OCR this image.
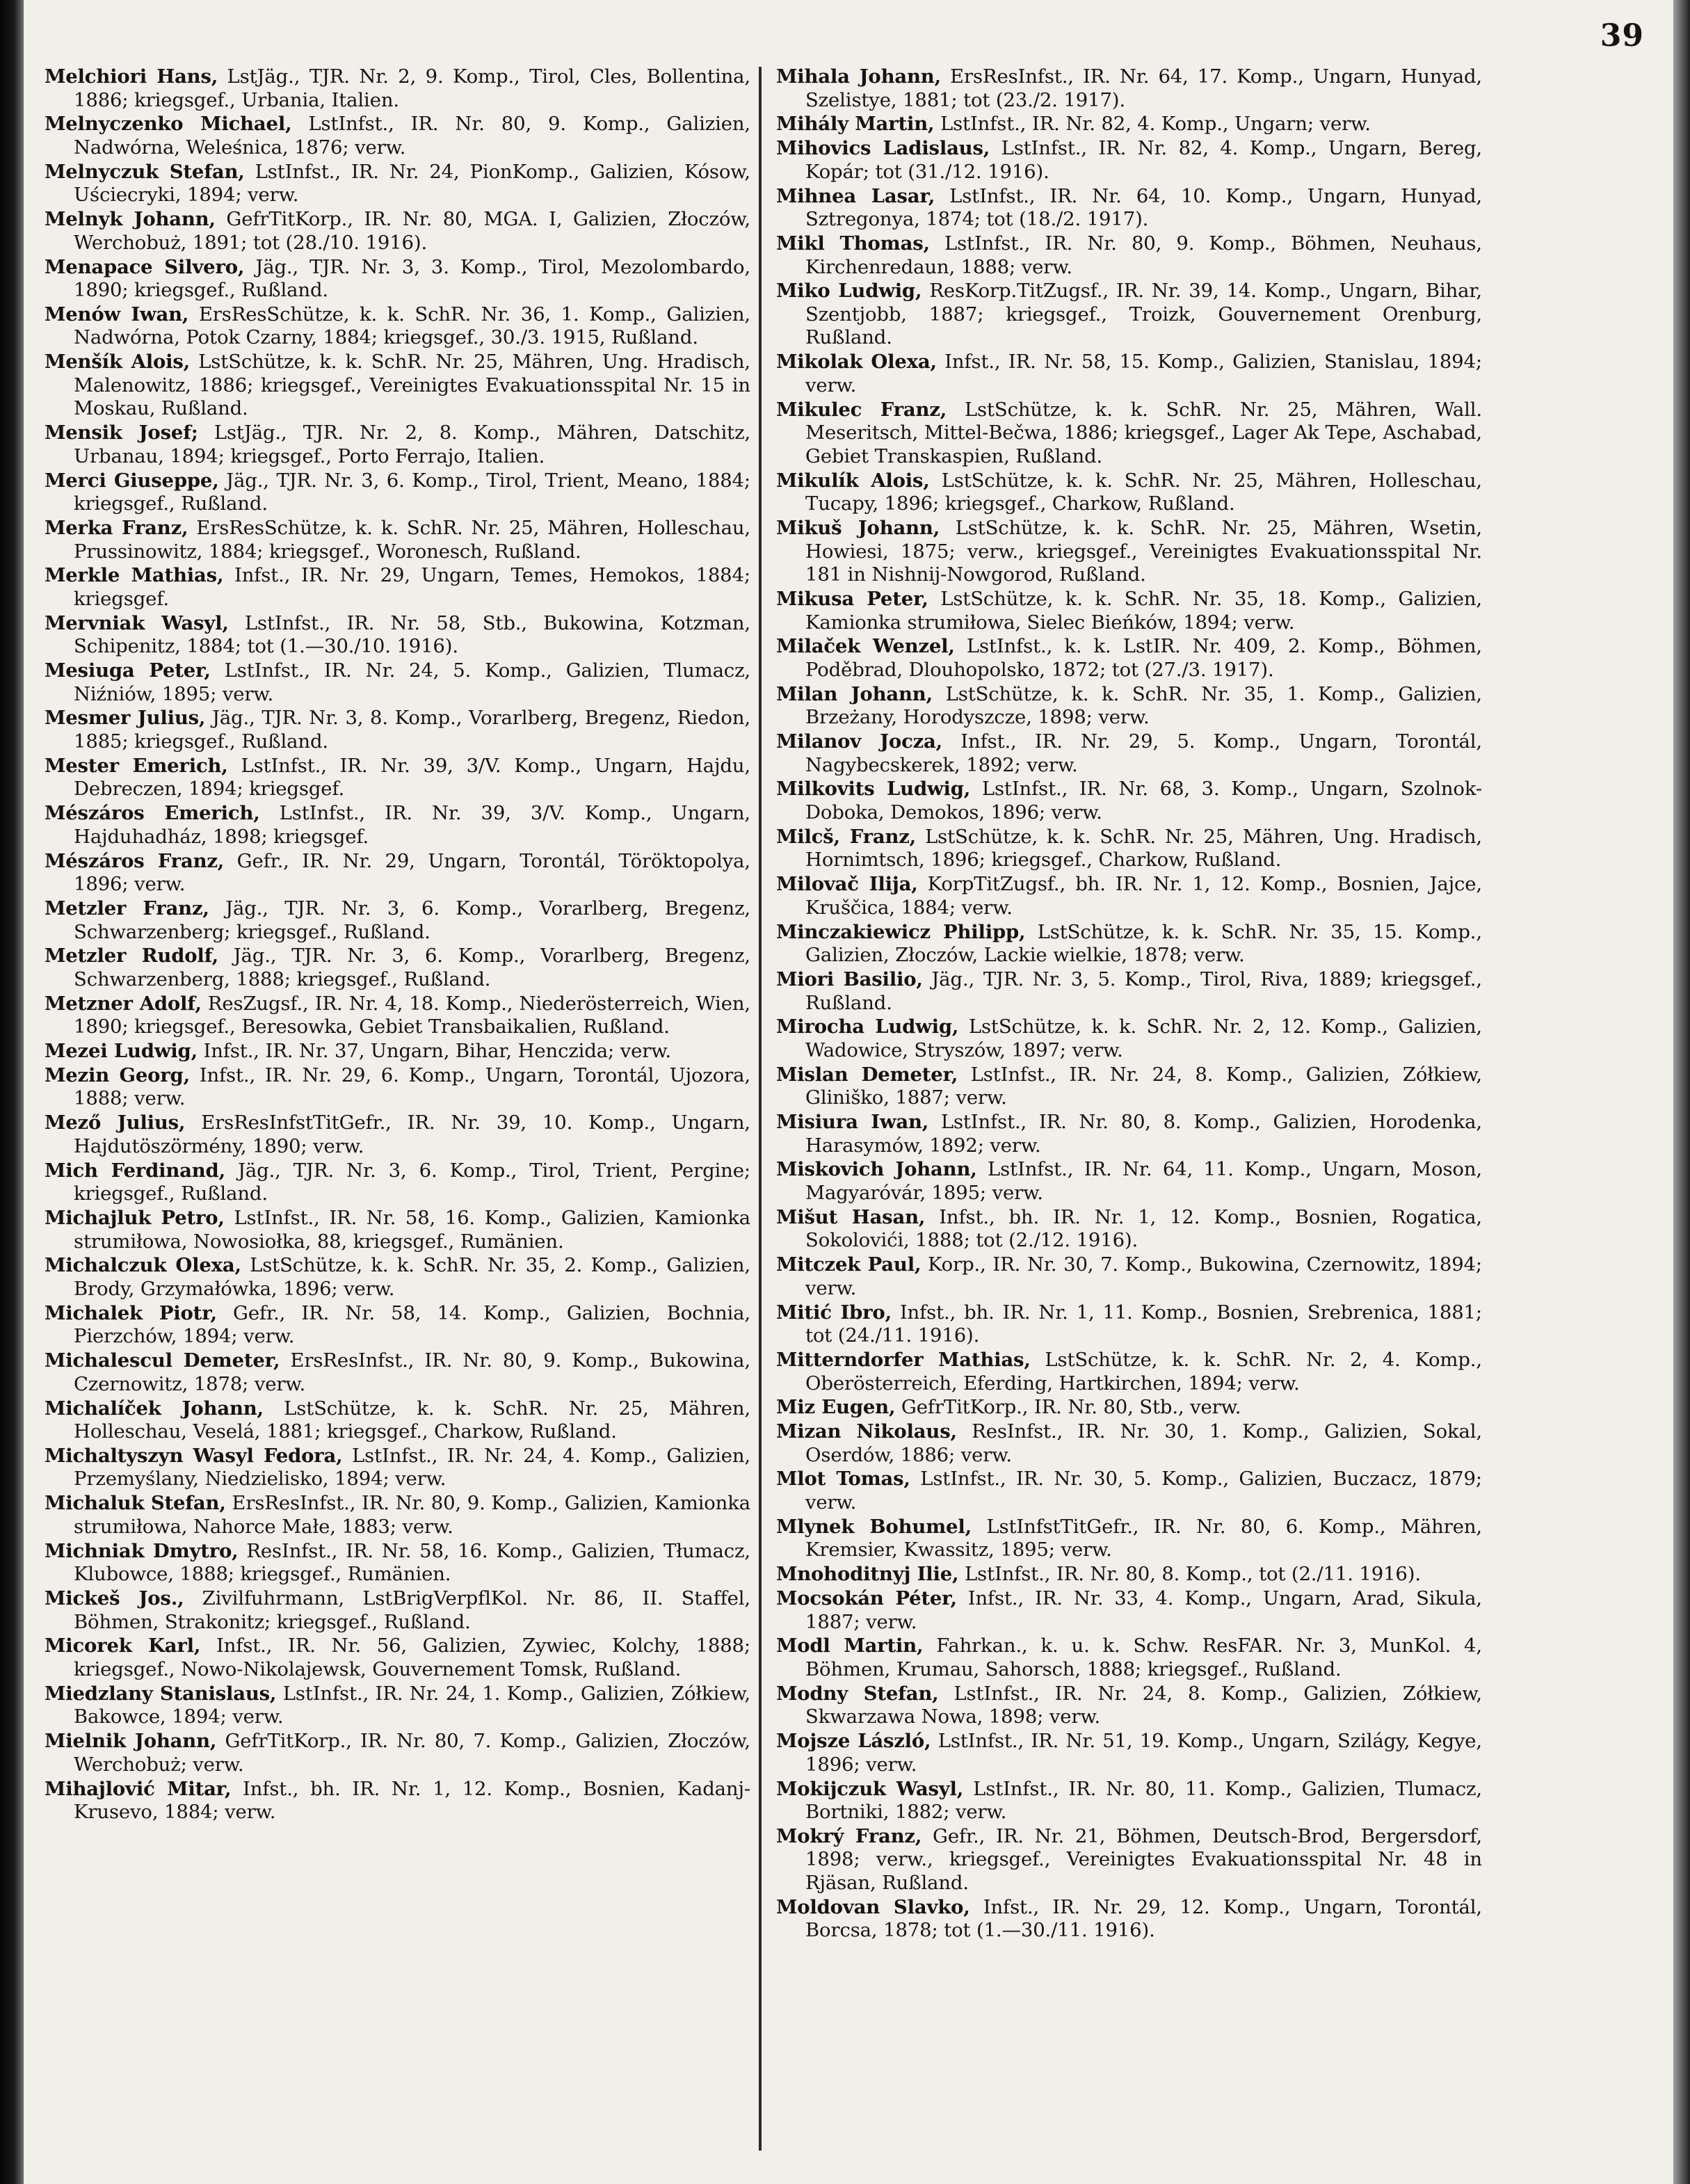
39

Melchiori Hans, LstJäg., TJR. Nr. 2, 9. Komp., Tirol, Cles, Bollentina, 1886; kriegsgef., Urbania, Italien.

Melnyczenko Michael, LstInfst., IR. Nr. 80, 9. Komp., Galizien, Nadwórna, Weleśnica, 1876; verw.

Melnyczuk Stefan, LstInfst., IR. Nr. 24, PionKomp., Galizien, Kósow, Uściecryki, 1894; verw.

Melnyk Johann, GefrTitKorp., IR. Nr. 80, MGA. I, Galizien, Złoczów, Werchobuż, 1891; tot (28./10. 1916).

Menapace Silvero, Jäg., TJR. Nr. 3, 3. Komp., Tirol, Mezolombardo, 1890; kriegsgef., Rußland.

Menów Iwan, ErsResSchütze, k. k. SchR. Nr. 36, 1. Komp., Galizien, Nadwórna, Potok Czarny, 1884; kriegsgef., 30./3. 1915, Rußland.

Menšík Alois, LstSchütze, k. k. SchR. Nr. 25, Mähren, Ung. Hradisch, Malenowitz, 1886; kriegsgef., Vereinigtes Evakuationsspital Nr. 15 in Moskau, Rußland.

Mensik Josef; LstJäg., TJR. Nr. 2, 8. Komp., Mähren, Datschitz, Urbanau, 1894; kriegsgef., Porto Ferrajo, Italien.

Merci Giuseppe, Jäg., TJR. Nr. 3, 6. Komp., Tirol, Trient, Meano, 1884; kriegsgef., Rußland.

Merka Franz, ErsResSchütze, k. k. SchR. Nr. 25, Mähren, Holleschau, Prussinowitz, 1884; kriegsgef., Woronesch, Rußland.

Merkle Mathias, Infst., IR. Nr. 29, Ungarn, Temes, Hemokos, 1884; kriegsgef.

Mervniak Wasyl, LstInfst., IR. Nr. 58, Stb., Bukowina, Kotzman, Schipenitz, 1884; tot (1.—30./10. 1916).

Mesiuga Peter, LstInfst., IR. Nr. 24, 5. Komp., Galizien, Tlumacz, Niźniów, 1895; verw.

Mesmer Julius, Jäg., TJR. Nr. 3, 8. Komp., Vorarlberg, Bregenz, Riedon, 1885; kriegsgef., Rußland.

Mester Emerich, LstInfst., IR. Nr. 39, 3/V. Komp., Ungarn, Hajdu, Debreczen, 1894; kriegsgef.

Mészáros Emerich, LstInfst., IR. Nr. 39, 3/V. Komp., Ungarn, Hajduhadház, 1898; kriegsgef.

Mészáros Franz, Gefr., IR. Nr. 29, Ungarn, Torontál, Töröktopolya, 1896; verw.

Metzler Franz, Jäg., TJR. Nr. 3, 6. Komp., Vorarlberg, Bregenz, Schwarzenberg; kriegsgef., Rußland.

Metzler Rudolf, Jäg., TJR. Nr. 3, 6. Komp., Vorarlberg, Bregenz, Schwarzenberg, 1888; kriegsgef., Rußland.

Metzner Adolf, ResZugsf., IR. Nr. 4, 18. Komp., Niederösterreich, Wien, 1890; kriegsgef., Beresowka, Gebiet Transbaikalien, Rußland.

Mezei Ludwig, Infst., IR. Nr. 37, Ungarn, Bihar, Henczida; verw.

Mezin Georg, Infst., IR. Nr. 29, 6. Komp., Ungarn, Torontál, Ujozora, 1888; verw.

Mező Julius, ErsResInfstTitGefr., IR. Nr. 39, 10. Komp., Ungarn, Hajdutöszörmény, 1890; verw.

Mich Ferdinand, Jäg., TJR. Nr. 3, 6. Komp., Tirol, Trient, Pergine; kriegsgef., Rußland.

Michajluk Petro, LstInfst., IR. Nr. 58, 16. Komp., Galizien, Kamionka strumiłowa, Nowosiołka, 88, kriegsgef., Rumänien.

Michalczuk Olexa, LstSchütze, k. k. SchR. Nr. 35, 2. Komp., Galizien, Brody, Grzymałówka, 1896; verw.

Michalek Piotr, Gefr., IR. Nr. 58, 14. Komp., Galizien, Bochnia, Pierzchów, 1894; verw.

Michalescul Demeter, ErsResInfst., IR. Nr. 80, 9. Komp., Bukowina, Czernowitz, 1878; verw.

Michalíček Johann, LstSchütze, k. k. SchR. Nr. 25, Mähren, Holleschau, Veselá, 1881; kriegsgef., Charkow, Rußland.

Michaltyszyn Wasyl Fedora, LstInfst., IR. Nr. 24, 4. Komp., Galizien, Przemyślany, Niedzielisko, 1894; verw.

Michaluk Stefan, ErsResInfst., IR. Nr. 80, 9. Komp., Galizien, Kamionka strumiłowa, Nahorce Małe, 1883; verw.

Michniak Dmytro, ResInfst., IR. Nr. 58, 16. Komp., Galizien, Tłumacz, Klubowce, 1888; kriegsgef., Rumänien.

Mickeš Jos., Zivilfuhrmann, LstBrigVerpflKol. Nr. 86, II. Staffel, Böhmen, Strakonitz; kriegsgef., Rußland.

Micorek Karl, Infst., IR. Nr. 56, Galizien, Zywiec, Kolchy, 1888; kriegsgef., Nowo-Nikolajewsk, Gouvernement Tomsk, Rußland.

Miedzlany Stanislaus, LstInfst., IR. Nr. 24, 1. Komp., Galizien, Zółkiew, Bakowce, 1894; verw.

Mielnik Johann, GefrTitKorp., IR. Nr. 80, 7. Komp., Galizien, Złoczów, Werchobuż; verw.

Mihajlović Mitar, Infst., bh. IR. Nr. 1, 12. Komp., Bosnien, Kadanj-Krusevo, 1884; verw.

Mihala Johann, ErsResInfst., IR. Nr. 64, 17. Komp., Ungarn, Hunyad, Szelistye, 1881; tot (23./2. 1917).

Mihály Martin, LstInfst., IR. Nr. 82, 4. Komp., Ungarn; verw.

Mihovics Ladislaus, LstInfst., IR. Nr. 82, 4. Komp., Ungarn, Bereg, Kopár; tot (31./12. 1916).

Mihnea Lasar, LstInfst., IR. Nr. 64, 10. Komp., Ungarn, Hunyad, Sztregonya, 1874; tot (18./2. 1917).

Mikl Thomas, LstInfst., IR. Nr. 80, 9. Komp., Böhmen, Neuhaus, Kirchenredaun, 1888; verw.

Miko Ludwig, ResKorp.TitZugsf., IR. Nr. 39, 14. Komp., Ungarn, Bihar, Szentjobb, 1887; kriegsgef., Troizk, Gouvernement Orenburg, Rußland.

Mikolak Olexa, Infst., IR. Nr. 58, 15. Komp., Galizien, Stanislau, 1894; verw.

Mikulec Franz, LstSchütze, k. k. SchR. Nr. 25, Mähren, Wall. Meseritsch, Mittel-Bečwa, 1886; kriegsgef., Lager Ak Tepe, Aschabad, Gebiet Transkaspien, Rußland.

Mikulík Alois, LstSchütze, k. k. SchR. Nr. 25, Mähren, Holleschau, Tucapy, 1896; kriegsgef., Charkow, Rußland.

Mikuš Johann, LstSchütze, k. k. SchR. Nr. 25, Mähren, Wsetin, Howiesi, 1875; verw., kriegsgef., Vereinigtes Evakuationsspital Nr. 181 in Nishnij-Nowgorod, Rußland.

Mikusa Peter, LstSchütze, k. k. SchR. Nr. 35, 18. Komp., Galizien, Kamionka strumiłowa, Sielec Bieńków, 1894; verw.

Milaček Wenzel, LstInfst., k. k. LstIR. Nr. 409, 2. Komp., Böhmen, Poděbrad, Dlouhopolsko, 1872; tot (27./3. 1917).

Milan Johann, LstSchütze, k. k. SchR. Nr. 35, 1. Komp., Galizien, Brzeżany, Horodyszcze, 1898; verw.

Milanov Jocza, Infst., IR. Nr. 29, 5. Komp., Ungarn, Torontál, Nagybecskerek, 1892; verw.

Milkovits Ludwig, LstInfst., IR. Nr. 68, 3. Komp., Ungarn, Szolnok-Doboka, Demokos, 1896; verw.

Milcš, Franz, LstSchütze, k. k. SchR. Nr. 25, Mähren, Ung. Hradisch, Hornimtsch, 1896; kriegsgef., Charkow, Rußland.

Milovač Ilija, KorpTitZugsf., bh. IR. Nr. 1, 12. Komp., Bosnien, Jajce, Kruščica, 1884; verw.

Minczakiewicz Philipp, LstSchütze, k. k. SchR. Nr. 35, 15. Komp., Galizien, Złoczów, Lackie wielkie, 1878; verw.

Miori Basilio, Jäg., TJR. Nr. 3, 5. Komp., Tirol, Riva, 1889; kriegsgef., Rußland.

Mirocha Ludwig, LstSchütze, k. k. SchR. Nr. 2, 12. Komp., Galizien, Wadowice, Stryszów, 1897; verw.

Mislan Demeter, LstInfst., IR. Nr. 24, 8. Komp., Galizien, Zółkiew, Gliniško, 1887; verw.

Misiura Iwan, LstInfst., IR. Nr. 80, 8. Komp., Galizien, Horodenka, Harasymów, 1892; verw.

Miskovich Johann, LstInfst., IR. Nr. 64, 11. Komp., Ungarn, Moson, Magyaróvár, 1895; verw.

Mišut Hasan, Infst., bh. IR. Nr. 1, 12. Komp., Bosnien, Rogatica, Sokolovići, 1888; tot (2./12. 1916).

Mitczek Paul, Korp., IR. Nr. 30, 7. Komp., Bukowina, Czernowitz, 1894; verw.

Mitić Ibro, Infst., bh. IR. Nr. 1, 11. Komp., Bosnien, Srebrenica, 1881; tot (24./11. 1916).

Mitterndorfer Mathias, LstSchütze, k. k. SchR. Nr. 2, 4. Komp., Oberösterreich, Eferding, Hartkirchen, 1894; verw.

Miz Eugen, GefrTitKorp., IR. Nr. 80, Stb., verw.

Mizan Nikolaus, ResInfst., IR. Nr. 30, 1. Komp., Galizien, Sokal, Oserdów, 1886; verw.

Mlot Tomas, LstInfst., IR. Nr. 30, 5. Komp., Galizien, Buczacz, 1879; verw.

Mlynek Bohumel, LstInfstTitGefr., IR. Nr. 80, 6. Komp., Mähren, Kremsier, Kwassitz, 1895; verw.

Mnohoditnyj Ilie, LstInfst., IR. Nr. 80, 8. Komp., tot (2./11. 1916).

Mocsokán Péter, Infst., IR. Nr. 33, 4. Komp., Ungarn, Arad, Sikula, 1887; verw.

Modl Martin, Fahrkan., k. u. k. Schw. ResFAR. Nr. 3, MunKol. 4, Böhmen, Krumau, Sahorsch, 1888; kriegsgef., Rußland.

Modny Stefan, LstInfst., IR. Nr. 24, 8. Komp., Galizien, Zółkiew, Skwarzawa Nowa, 1898; verw.

Mojsze László, LstInfst., IR. Nr. 51, 19. Komp., Ungarn, Szilágy, Kegye, 1896; verw.

Mokijczuk Wasyl, LstInfst., IR. Nr. 80, 11. Komp., Galizien, Tlumacz, Bortniki, 1882; verw.

Mokrý Franz, Gefr., IR. Nr. 21, Böhmen, Deutsch-Brod, Bergersdorf, 1898; verw., kriegsgef., Vereinigtes Evakuationsspital Nr. 48 in Rjäsan, Rußland.

Moldovan Slavko, Infst., IR. Nr. 29, 12. Komp., Ungarn, Torontál, Borcsa, 1878; tot (1.—30./11. 1916).
